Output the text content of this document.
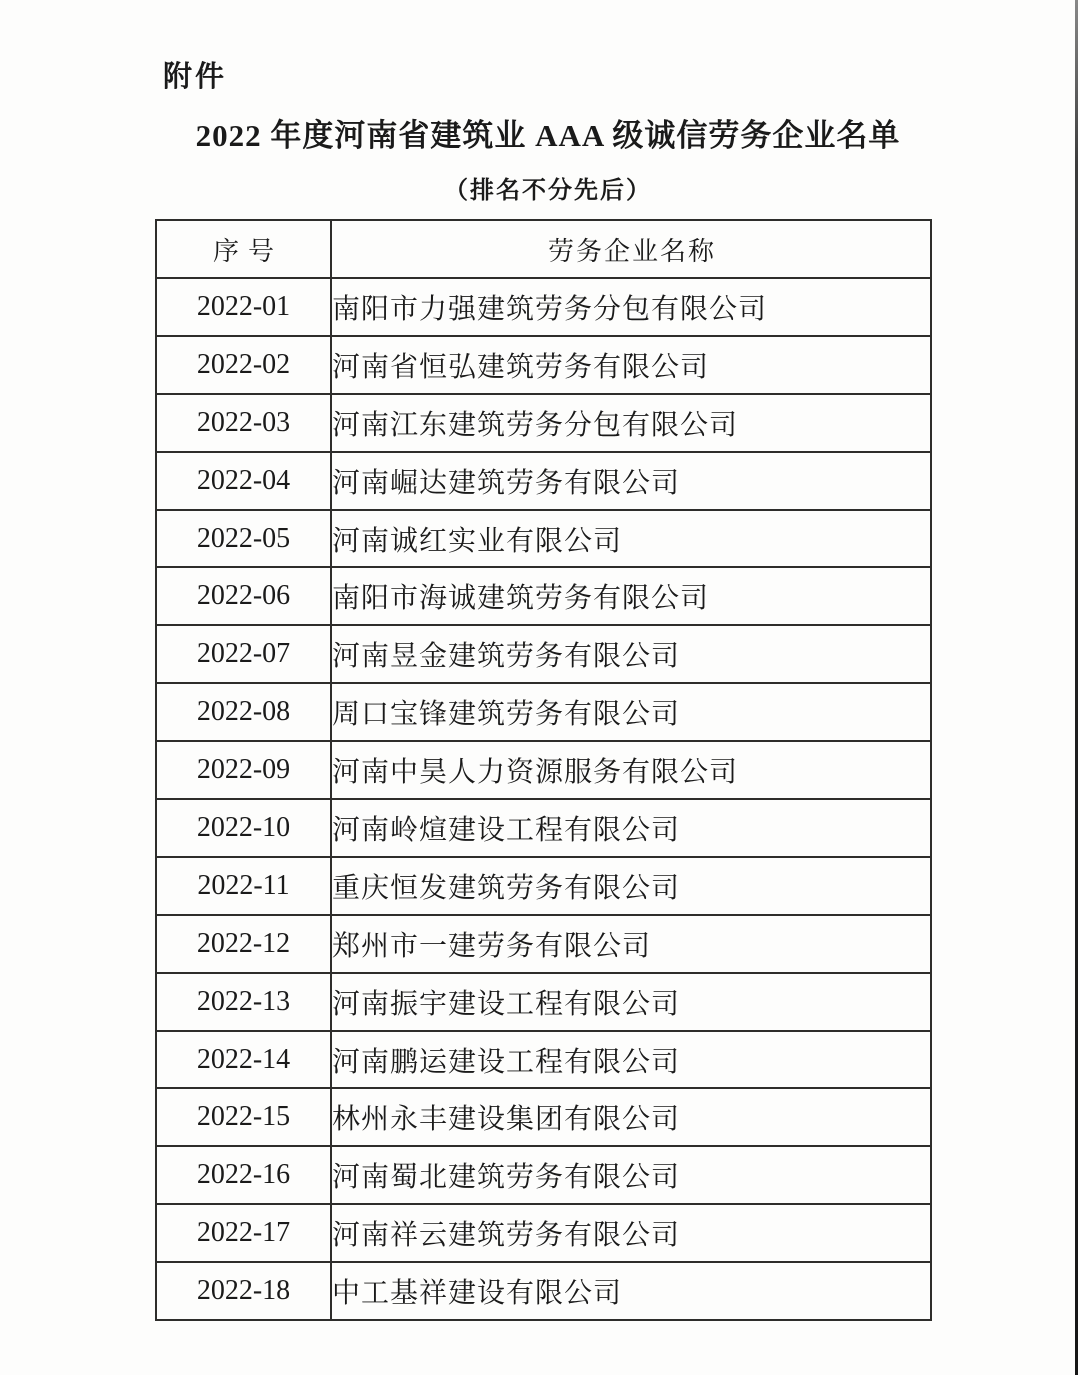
附件
2022 年度河南省建筑业 AAA 级诚信劳务企业名单
（排名不分先后）
序号	劳务企业名称
2022-01	南阳市力强建筑劳务分包有限公司
2022-02	河南省恒弘建筑劳务有限公司
2022-03	河南江东建筑劳务分包有限公司
2022-04	河南崛达建筑劳务有限公司
2022-05	河南诚红实业有限公司
2022-06	南阳市海诚建筑劳务有限公司
2022-07	河南昱金建筑劳务有限公司
2022-08	周口宝锋建筑劳务有限公司
2022-09	河南中昊人力资源服务有限公司
2022-10	河南岭煊建设工程有限公司
2022-11	重庆恒发建筑劳务有限公司
2022-12	郑州市一建劳务有限公司
2022-13	河南振宇建设工程有限公司
2022-14	河南鹏运建设工程有限公司
2022-15	林州永丰建设集团有限公司
2022-16	河南蜀北建筑劳务有限公司
2022-17	河南祥云建筑劳务有限公司
2022-18	中工基祥建设有限公司
